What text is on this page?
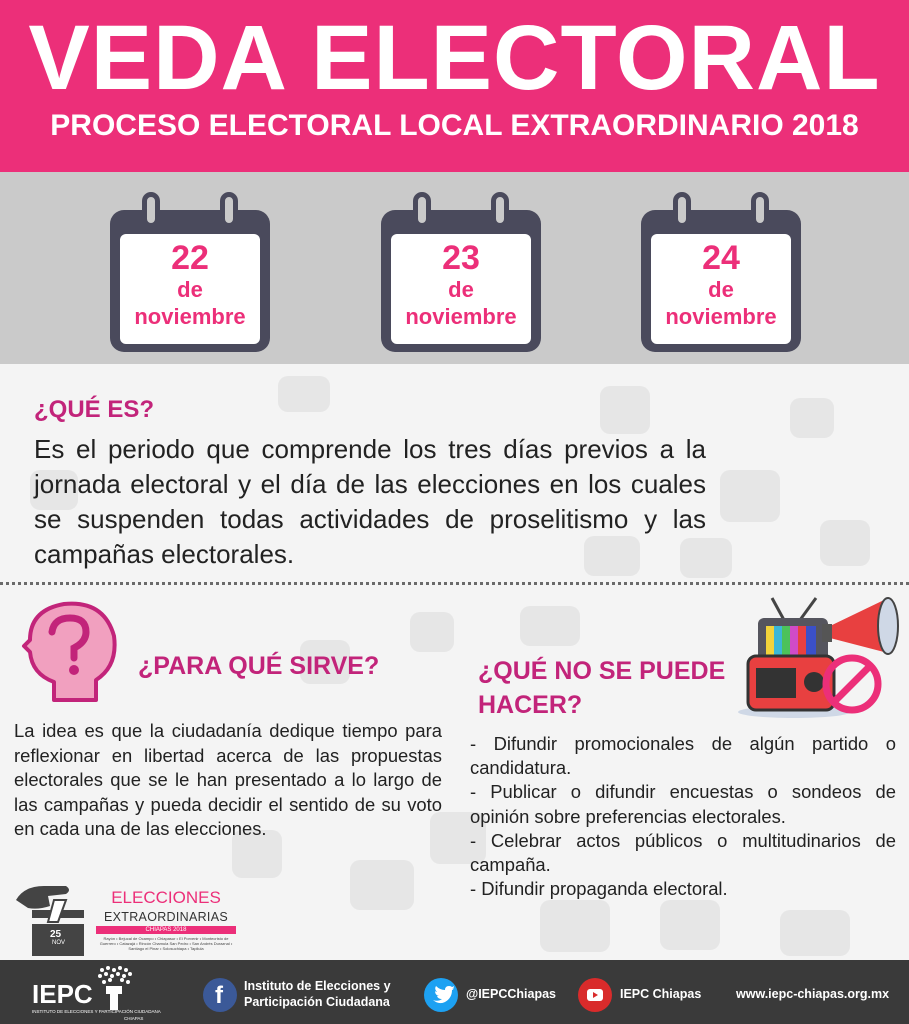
VEDA ELECTORAL
PROCESO ELECTORAL LOCAL EXTRAORDINARIO 2018
22
de
noviembre
23
de
noviembre
24
de
noviembre
¿QUÉ ES?
Es el periodo que comprende los tres días previos a la jornada electoral y el día de las elecciones en los cuales se suspenden todas actividades de proselitismo y las campañas electorales.
¿PARA QUÉ SIRVE?
La idea es que la ciudadanía dedique tiempo para reflexionar en libertad acerca de las propuestas electorales que se le han presentado a lo largo de las campañas y pueda decidir el sentido de su voto en cada una de las elecciones.
¿QUÉ NO SE PUEDE HACER?
- Difundir promocionales de algún partido o candidatura.
- Publicar o difundir encuestas o sondeos de opinión sobre preferencias electorales.
- Celebrar actos públicos o multitudinarios de campaña.
- Difundir propaganda electoral.
25
NOV
ELECCIONES
EXTRAORDINARIAS
CHIAPAS 2018
Rayón • Bejucal de Ocampo • Chiapasur • El Porvenir • Montecristo de Guerrero • Catazajá • Rincón Chamula San Pedro • San Andrés Duraznal • Santiago el Pinar • Solosuchiapa • Tapilula
IEPC
INSTITUTO DE ELECCIONES Y PARTICIPACIÓN CIUDADANA
CHIAPAS
f Instituto de Elecciones y
Participación Ciudadana
@IEPCChiapas	IEPC Chiapas	www.iepc-chiapas.org.mx
